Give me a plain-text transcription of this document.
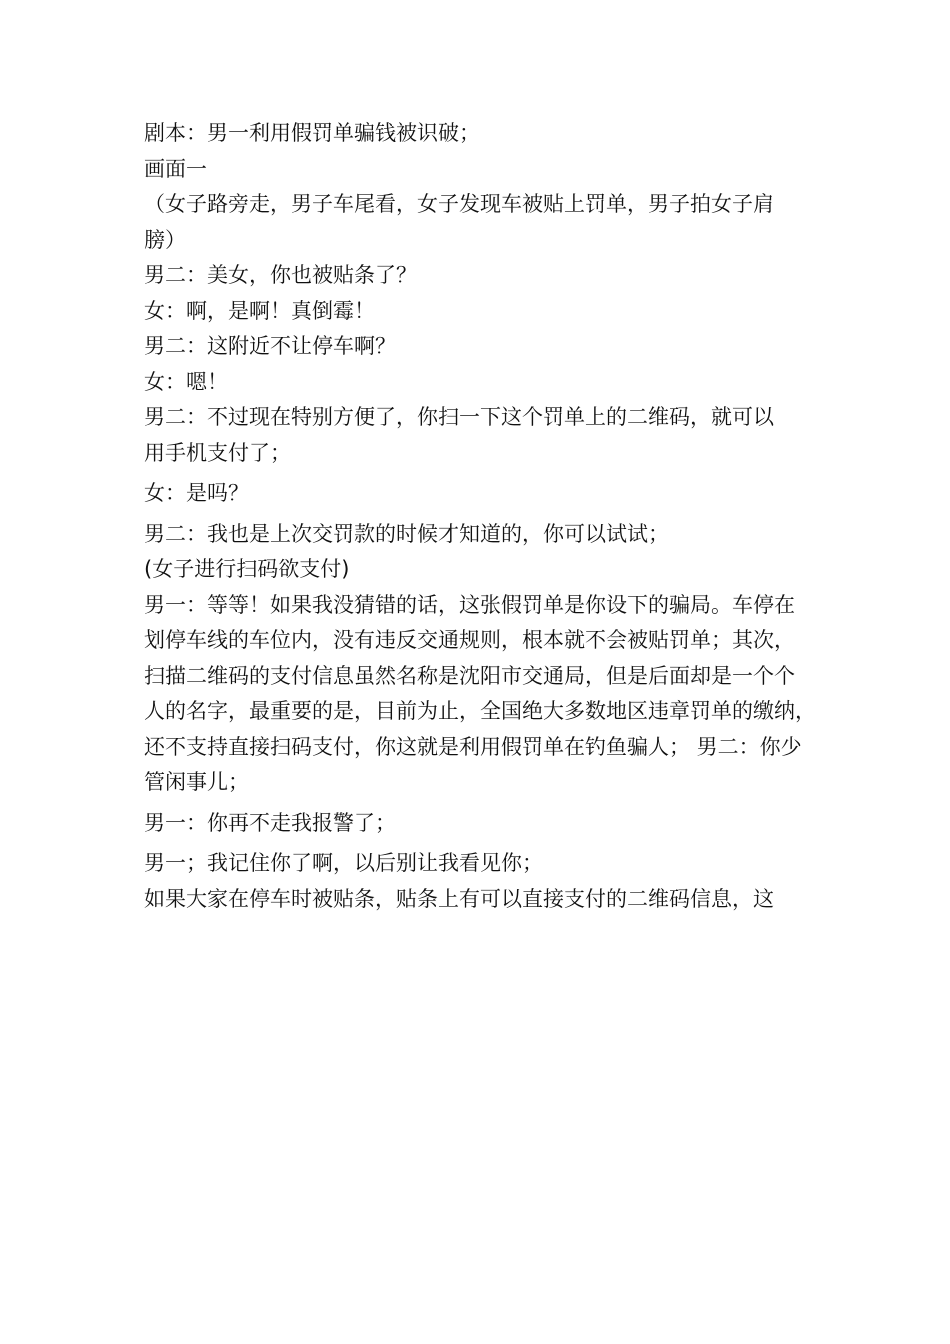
剧本：男一利用假罚单骗钱被识破；

画面一

（女子路旁走，男子车尾看，女子发现车被贴上罚单，男子拍女子肩
膀）

男二：美女，你也被贴条了？

女：啊，是啊！真倒霉！

男二：这附近不让停车啊？

女：嗯！

男二：不过现在特别方便了，你扫一下这个罚单上的二维码，就可以
用手机支付了；

女：是吗？

男二：我也是上次交罚款的时候才知道的，你可以试试；

(女子进行扫码欲支付)

男一：等等！如果我没猜错的话，这张假罚单是你设下的骗局。车停在
划停车线的车位内，没有违反交通规则，根本就不会被贴罚单；其次，
扫描二维码的支付信息虽然名称是沈阳市交通局，但是后面却是一个个
人的名字，最重要的是，目前为止，全国绝大多数地区违章罚单的缴纳，
还不支持直接扫码支付，你这就是利用假罚单在钓鱼骗人； 男二：你少
管闲事儿；

男一：你再不走我报警了；

男一；我记住你了啊，以后别让我看见你；

如果大家在停车时被贴条，贴条上有可以直接支付的二维码信息，这
